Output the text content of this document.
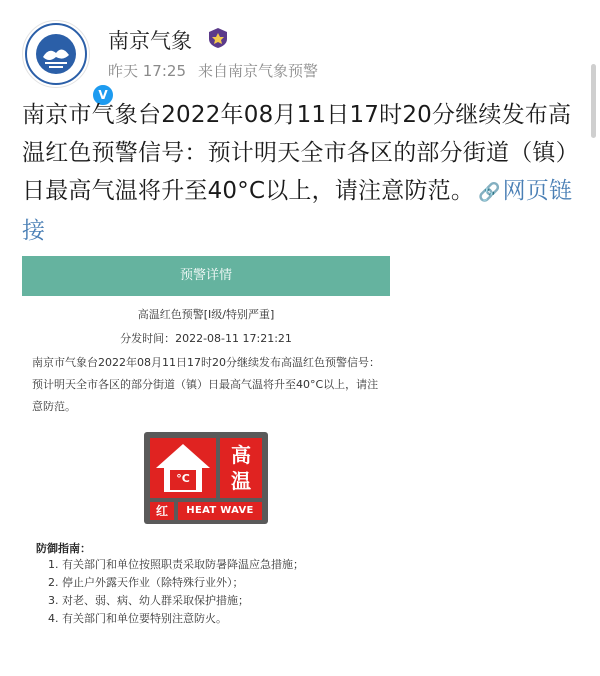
V
南京气象
昨天 17:25 来自南京气象预警
南京市气象台2022年08月11日17时20分继续发布高温红色预警信号：预计明天全市各区的部分街道（镇）日最高气温将升至40°C以上，请注意防范。 🔗网页链接
预警详情
高温红色预警[Ⅰ级/特别严重]
分发时间：2022-08-11 17:21:21
南京市气象台2022年08月11日17时20分继续发布高温红色预警信号：预计明天全市各区的部分街道（镇）日最高气温将升至40°C以上，请注意防范。
°C
高
温
红	HEAT WAVE
防御指南：
1. 有关部门和单位按照职责采取防暑降温应急措施；
2. 停止户外露天作业（除特殊行业外）；
3. 对老、弱、病、幼人群采取保护措施；
4. 有关部门和单位要特别注意防火。
